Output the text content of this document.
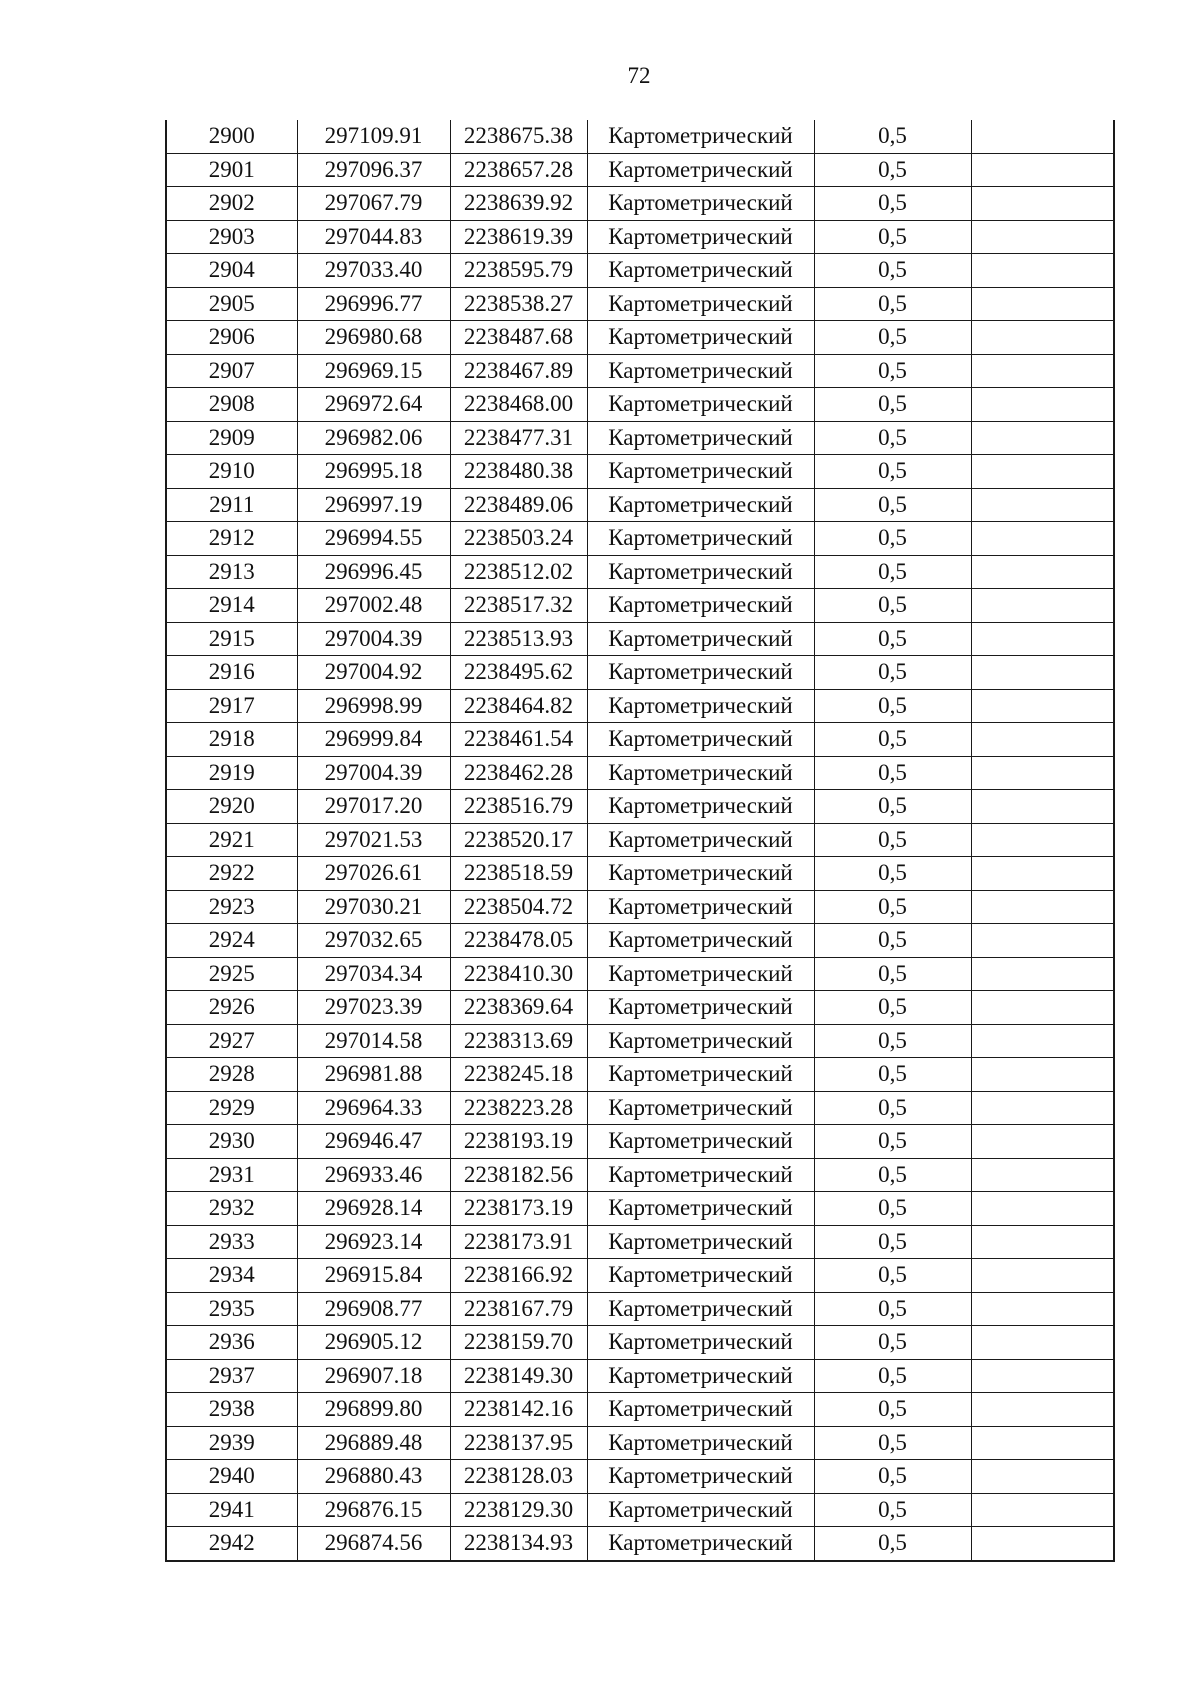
72
2900	297109.91	2238675.38	Картометрический	0,5	
2901	297096.37	2238657.28	Картометрический	0,5	
2902	297067.79	2238639.92	Картометрический	0,5	
2903	297044.83	2238619.39	Картометрический	0,5	
2904	297033.40	2238595.79	Картометрический	0,5	
2905	296996.77	2238538.27	Картометрический	0,5	
2906	296980.68	2238487.68	Картометрический	0,5	
2907	296969.15	2238467.89	Картометрический	0,5	
2908	296972.64	2238468.00	Картометрический	0,5	
2909	296982.06	2238477.31	Картометрический	0,5	
2910	296995.18	2238480.38	Картометрический	0,5	
2911	296997.19	2238489.06	Картометрический	0,5	
2912	296994.55	2238503.24	Картометрический	0,5	
2913	296996.45	2238512.02	Картометрический	0,5	
2914	297002.48	2238517.32	Картометрический	0,5	
2915	297004.39	2238513.93	Картометрический	0,5	
2916	297004.92	2238495.62	Картометрический	0,5	
2917	296998.99	2238464.82	Картометрический	0,5	
2918	296999.84	2238461.54	Картометрический	0,5	
2919	297004.39	2238462.28	Картометрический	0,5	
2920	297017.20	2238516.79	Картометрический	0,5	
2921	297021.53	2238520.17	Картометрический	0,5	
2922	297026.61	2238518.59	Картометрический	0,5	
2923	297030.21	2238504.72	Картометрический	0,5	
2924	297032.65	2238478.05	Картометрический	0,5	
2925	297034.34	2238410.30	Картометрический	0,5	
2926	297023.39	2238369.64	Картометрический	0,5	
2927	297014.58	2238313.69	Картометрический	0,5	
2928	296981.88	2238245.18	Картометрический	0,5	
2929	296964.33	2238223.28	Картометрический	0,5	
2930	296946.47	2238193.19	Картометрический	0,5	
2931	296933.46	2238182.56	Картометрический	0,5	
2932	296928.14	2238173.19	Картометрический	0,5	
2933	296923.14	2238173.91	Картометрический	0,5	
2934	296915.84	2238166.92	Картометрический	0,5	
2935	296908.77	2238167.79	Картометрический	0,5	
2936	296905.12	2238159.70	Картометрический	0,5	
2937	296907.18	2238149.30	Картометрический	0,5	
2938	296899.80	2238142.16	Картометрический	0,5	
2939	296889.48	2238137.95	Картометрический	0,5	
2940	296880.43	2238128.03	Картометрический	0,5	
2941	296876.15	2238129.30	Картометрический	0,5	
2942	296874.56	2238134.93	Картометрический	0,5	
